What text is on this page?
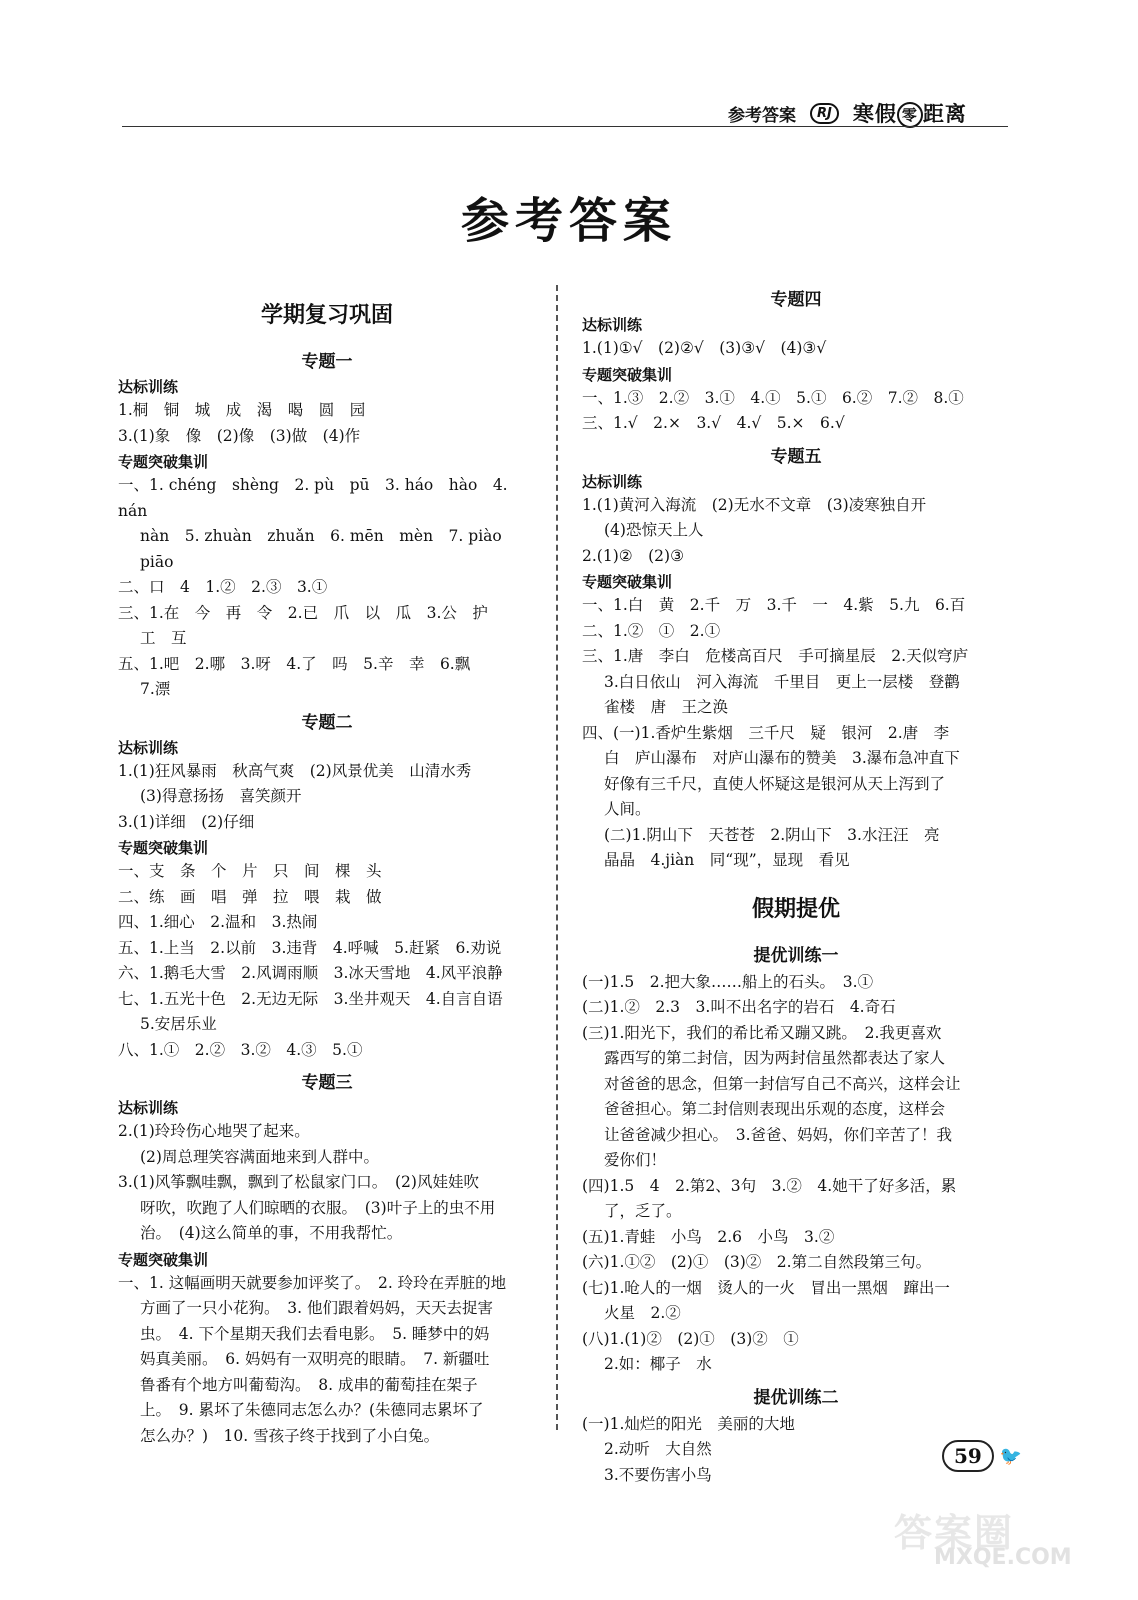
参考答案	RJ	寒假 零 距离
参考答案
学期复习巩固
专题一
达标训练
1.桐　铜　城　成　渴　喝　圆　园
3.(1)象　像　(2)像　(3)做　(4)作
专题突破集训
一、1. chéng　shèng　2. pù　pū　3. háo　hào　4. nán
nàn　5. zhuàn　zhuǎn　6. mēn　mèn　7. piào
piāo
二、口　4　1.②　2.③　3.①
三、1.在　今　再　令　2.已　爪　以　瓜　3.公　护
工　互
五、1.吧　2.哪　3.呀　4.了　吗　5.辛　幸　6.飘
7.漂
专题二
达标训练
1.(1)狂风暴雨　秋高气爽　(2)风景优美　山清水秀
(3)得意扬扬　喜笑颜开
3.(1)详细　(2)仔细
专题突破集训
一、支　条　个　片　只　间　棵　头
二、练　画　唱　弹　拉　喂　栽　做
四、1.细心　2.温和　3.热闹
五、1.上当　2.以前　3.违背　4.呼喊　5.赶紧　6.劝说
六、1.鹅毛大雪　2.风调雨顺　3.冰天雪地　4.风平浪静
七、1.五光十色　2.无边无际　3.坐井观天　4.自言自语
5.安居乐业
八、1.①　2.②　3.②　4.③　5.①
专题三
达标训练
2.(1)玲玲伤心地哭了起来。
(2)周总理笑容满面地来到人群中。
3.(1)风筝飘哇飘，飘到了松鼠家门口。　(2)风娃娃吹
呀吹，吹跑了人们晾晒的衣服。　(3)叶子上的虫不用
治。　(4)这么简单的事，不用我帮忙。
专题突破集训
一、1. 这幅画明天就要参加评奖了。　2. 玲玲在弄脏的地
方画了一只小花狗。　3. 他们跟着妈妈，天天去捉害
虫。　4. 下个星期天我们去看电影。　5. 睡梦中的妈
妈真美丽。　6. 妈妈有一双明亮的眼睛。　7. 新疆吐
鲁番有个地方叫葡萄沟。　8. 成串的葡萄挂在架子
上。　9. 累坏了朱德同志怎么办？(朱德同志累坏了
怎么办？)　10. 雪孩子终于找到了小白兔。
专题四
达标训练
1.(1)①√　(2)②√　(3)③√　(4)③√
专题突破集训
一、1.③　2.②　3.①　4.①　5.①　6.②　7.②　8.①
三、1.√　2.×　3.√　4.√　5.×　6.√
专题五
达标训练
1.(1)黄河入海流　(2)无水不文章　(3)凌寒独自开
(4)恐惊天上人
2.(1)②　(2)③
专题突破集训
一、1.白　黄　2.千　万　3.千　一　4.紫　5.九　6.百
二、1.②　①　2.①
三、1.唐　李白　危楼高百尺　手可摘星辰　2.天似穹庐
3.白日依山　河入海流　千里目　更上一层楼　登鹳
雀楼　唐　王之涣
四、(一)1.香炉生紫烟　三千尺　疑　银河　2.唐　李
白　庐山瀑布　对庐山瀑布的赞美　3.瀑布急冲直下
好像有三千尺，直使人怀疑这是银河从天上泻到了
人间。
(二)1.阴山下　天苍苍　2.阴山下　3.水汪汪　亮
晶晶　4.jiàn　同“现”，显现　看见
假期提优
提优训练一
(一)1.5　2.把大象……船上的石头。　3.①
(二)1.②　2.3　3.叫不出名字的岩石　4.奇石
(三)1.阳光下，我们的希比希又蹦又跳。　2.我更喜欢
露西写的第二封信，因为两封信虽然都表达了家人
对爸爸的思念，但第一封信写自己不高兴，这样会让
爸爸担心。第二封信则表现出乐观的态度，这样会
让爸爸减少担心。　3.爸爸、妈妈，你们辛苦了！我
爱你们！
(四)1.5　4　2.第2、3句　3.②　4.她干了好多活，累
了，乏了。
(五)1.青蛙　小鸟　2.6　小鸟　3.②
(六)1.①②　(2)①　(3)②　2.第二自然段第三句。
(七)1.呛人的一烟　烫人的一火　冒出一黑烟　蹿出一
火星　2.②
(八)1.(1)②　(2)①　(3)②　①
2.如：椰子　水
提优训练二
(一)1.灿烂的阳光　美丽的大地
2.动听　大自然
3.不要伤害小鸟
59	🐦
答案圈
MXQE.COM
